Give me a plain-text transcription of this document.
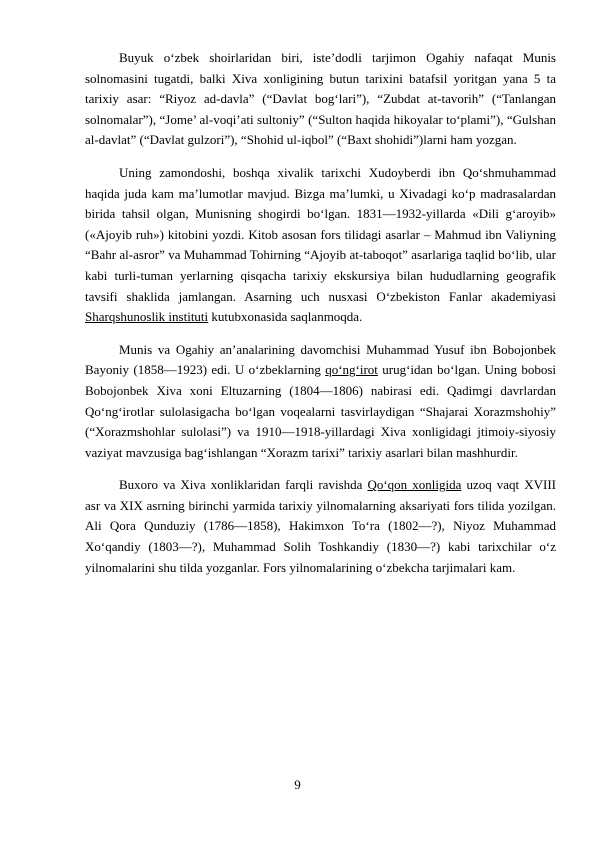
Buyuk o‘zbek shoirlaridan biri, iste’dodli tarjimon Ogahiy nafaqat Munis solnomasini tugatdi, balki Xiva xonligining butun tarixini batafsil yoritgan yana 5 ta tarixiy asar: “Riyoz ad-davla” (“Davlat bog‘lari”), “Zubdat at-tavorih” (“Tanlangan solnomalar”), “Jome’ al-voqi’ati sultoniy” (“Sulton haqida hikoyalar to‘plami”), “Gulshan al-davlat” (“Davlat gulzori”), “Shohid ul-iqbol” (“Baxt shohidi”)larni ham yozgan.

Uning zamondoshi, boshqa xivalik tarixchi Xudoyberdi ibn Qo‘shmuhammad haqida juda kam ma’lumotlar mavjud. Bizga ma’lumki, u Xivadagi ko‘p madrasalardan birida tahsil olgan, Munisning shogirdi bo‘lgan. 1831—1932-yillarda «Dili g‘aroyib» («Ajoyib ruh») kitobini yozdi. Kitob asosan fors tilidagi asarlar – Mahmud ibn Valiyning “Bahr al-asror” va Muhammad Tohirning “Ajoyib at-taboqot” asarlariga taqlid bo‘lib, ular kabi turli-tuman yerlarning qisqacha tarixiy ekskursiya bilan hududlarning geografik tavsifi shaklida jamlangan. Asarning uch nusxasi O‘zbekiston Fanlar akademiyasi Sharqshunoslik instituti kutubxonasida saqlanmoqda.

Munis va Ogahiy an’analarining davomchisi Muhammad Yusuf ibn Bobojonbek Bayoniy (1858—1923) edi. U o‘zbeklarning qo‘ng‘irot urug‘idan bo‘lgan. Uning bobosi Bobojonbek Xiva xoni Eltuzarning (1804—1806) nabirasi edi. Qadimgi davrlardan Qo‘ng‘irotlar sulolasigacha bo‘lgan voqealarni tasvirlaydigan “Shajarai Xorazmshohiy” (“Xorazmshohlar sulolasi”) va 1910—1918-yillardagi Xiva xonligidagi jtimoiy-siyosiy vaziyat mavzusiga bag‘ishlangan “Xorazm tarixi” tarixiy asarlari bilan mashhurdir.

Buxoro va Xiva xonliklaridan farqli ravishda Qo‘qon xonligida uzoq vaqt XVIII asr va XIX asrning birinchi yarmida tarixiy yilnomalarning aksariyati fors tilida yozilgan. Ali Qora Qunduziy (1786—1858), Hakimxon To‘ra (1802—?), Niyoz Muhammad Xo‘qandiy (1803—?), Muhammad Solih Toshkandiy (1830—?) kabi tarixchilar o‘z yilnomalarini shu tilda yozganlar. Fors yilnomalarining o‘zbekcha tarjimalari kam.

9
